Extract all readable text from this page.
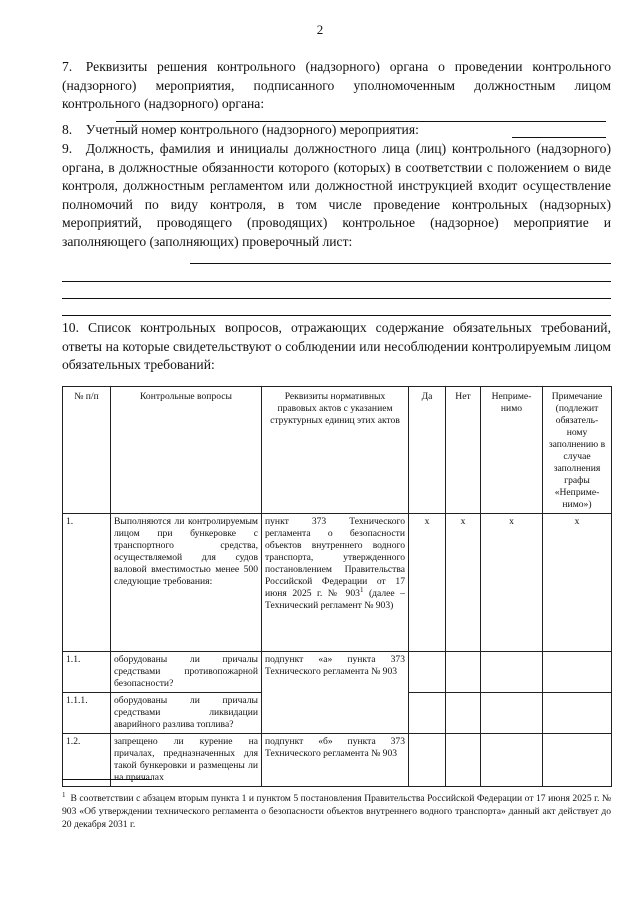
2
7. Реквизиты решения контрольного (надзорного) органа о проведении контрольного (надзорного) мероприятия, подписанного уполномоченным должностным лицом контрольного (надзорного) органа:
8. Учетный номер контрольного (надзорного) мероприятия:
9. Должность, фамилия и инициалы должностного лица (лиц) контрольного (надзорного) органа, в должностные обязанности которого (которых) в соответствии с положением о виде контроля, должностным регламентом или должностной инструкцией входит осуществление полномочий по виду контроля, в том числе проведение контрольных (надзорных) мероприятий, проводящего (проводящих) контрольное (надзорное) мероприятие и заполняющего (заполняющих) проверочный лист:
10. Список контрольных вопросов, отражающих содержание обязательных требований, ответы на которые свидетельствуют о соблюдении или несоблюдении контролируемым лицом обязательных требований:
№ п/п	Контрольные вопросы	Реквизиты нормативных правовых актов с указанием структурных единиц этих актов	Да	Нет	Неприме-нимо	Примечание (подлежит обязатель-ному заполнению в случае заполнения графы «Неприме-нимо»)
1.	Выполняются ли контролируемым лицом при бункеровке с транспортного средства, осуществляемой для судов валовой вместимостью менее 500 следующие требования:	пункт 373 Технического регламента о безопасности объектов внутреннего водного транспорта, утвержденного постановлением Правительства Российской Федерации от 17 июня 2025 г. № $903^1$ (далее – Технический регламент № 903)	x	x	x	x
1.1.	оборудованы ли причалы средствами противопожарной безопасности?	подпункт «а» пункта 373 Технического регламента № 903				
1.1.1.	оборудованы ли причалы средствами ликвидации аварийного разлива топлива?					
1.2.	запрещено ли курение на причалах, предназначенных для такой бункеровки и размещены ли на причалах	подпункт «б» пункта 373 Технического регламента № 903				
$^1$ В соответствии с абзацем вторым пункта 1 и пунктом 5 постановления Правительства Российской Федерации от 17 июня 2025 г. № 903 «Об утверждении технического регламента о безопасности объектов внутреннего водного транспорта» данный акт действует до 20 декабря 2031 г.
